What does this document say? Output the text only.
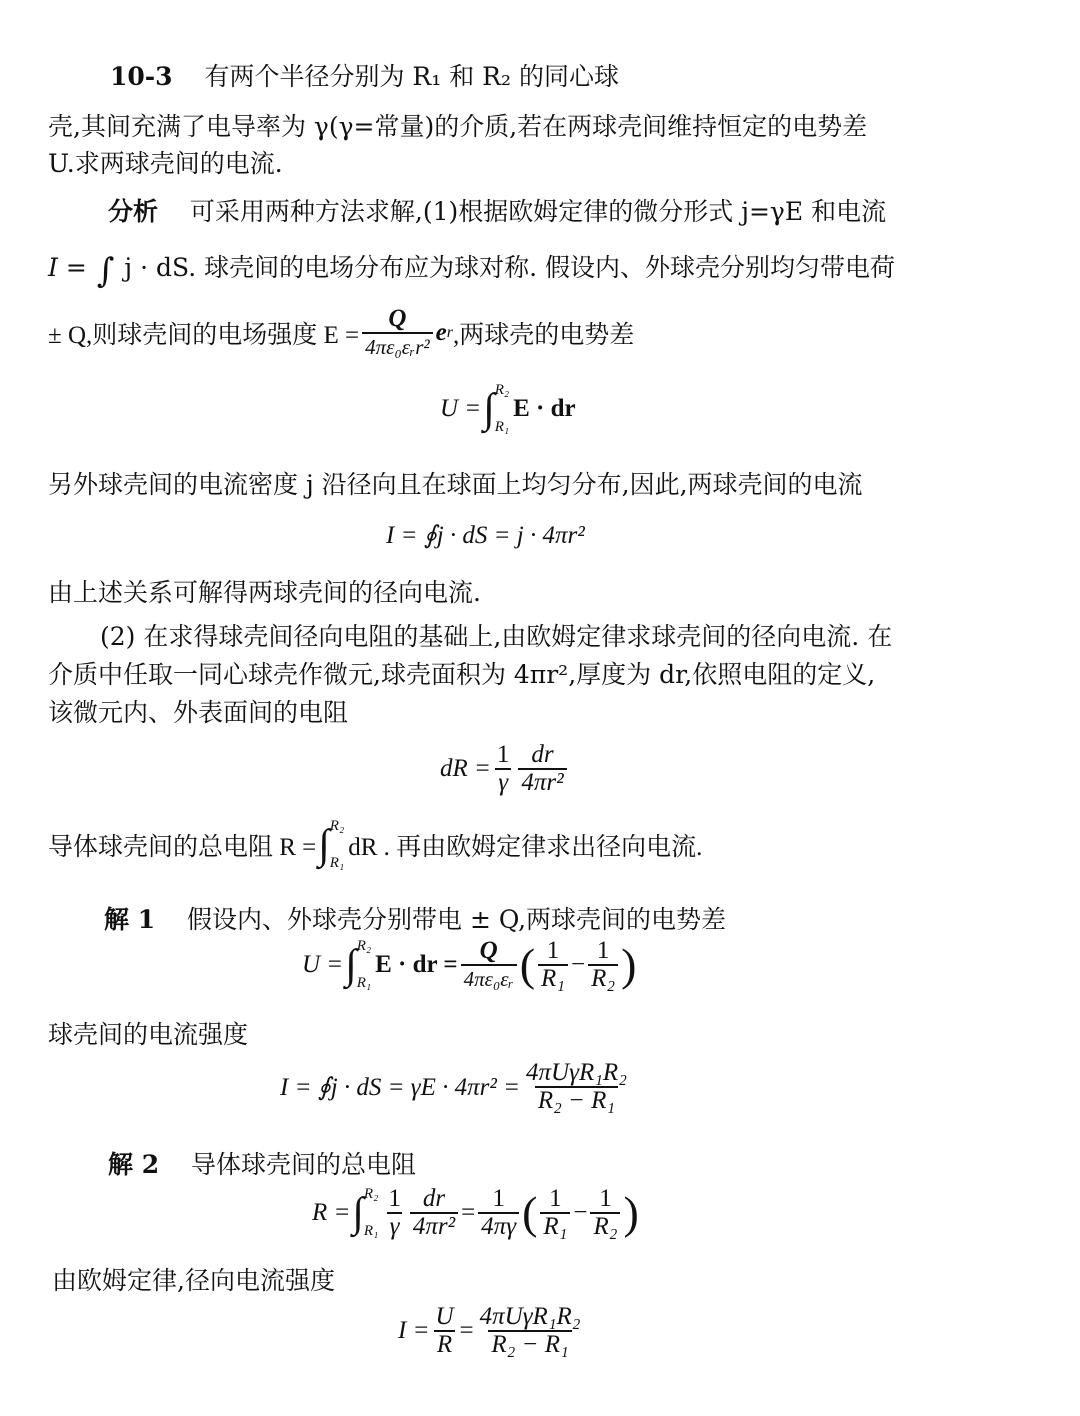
10-3 有两个半径分别为 R₁ 和 R₂ 的同心球
壳,其间充满了电导率为 γ(γ=常量)的介质,若在两球壳间维持恒定的电势差
U.求两球壳间的电流.
分析 可采用两种方法求解,(1)根据欧姆定律的微分形式 j=γE 和电流
I = ∫ j · dS. 球壳间的电场分布应为球对称. 假设内、外球壳分别均匀带电荷
± Q,则球壳间的电场强度 $E = \frac{Q}{\text{4πε₀εᵣr²}}$ e r ,两球壳的电势差
U = ∫ R₂
R₁
E · dr
另外球壳间的电流密度 j 沿径向且在球面上均匀分布,因此,两球壳间的电流
I = ∮j · dS = j · 4πr²
由上述关系可解得两球壳间的径向电流.
(2) 在求得球壳间径向电阻的基础上,由欧姆定律求球壳间的径向电流. 在
介质中任取一同心球壳作微元,球壳面积为 4πr²,厚度为 dr,依照电阻的定义,
该微元内、外表面间的电阻
dR = $\frac{1}{\gamma} \frac{dr}{\text{4πr²}}$
导体球壳间的总电阻 R = ∫ R₂
R₁
dR . 再由欧姆定律求出径向电流.
解 1 假设内、外球壳分别带电 ± Q,两球壳间的电势差
U = ∫ R₂
R₁
E · dr = $\frac{Q}{\text{4πε₀εᵣ}}$ ( $\frac{1}{\text{R₁}} - \frac{1}{\text{R₂}}$ )
球壳间的电流强度
I = ∮j · dS = $\gamma E \cdot 4\pi r^2 = \frac{\text{4πUγR₁R₂}}{\text{R₂ − R₁}}$
解 2 导体球壳间的总电阻
R = ∫ R₂
$R_1 \frac{1}{\gamma} \frac{dr}{\text{4πr²}} = \frac{1}{4\pi\gamma}$ ( $\frac{1}{\text{R₁}} - \frac{1}{\text{R₂}}$ )
由欧姆定律,径向电流强度
$I = \frac{U}{R} = \frac{\text{4πUγR₁R₂}}{\text{R₂ − R₁}}$
